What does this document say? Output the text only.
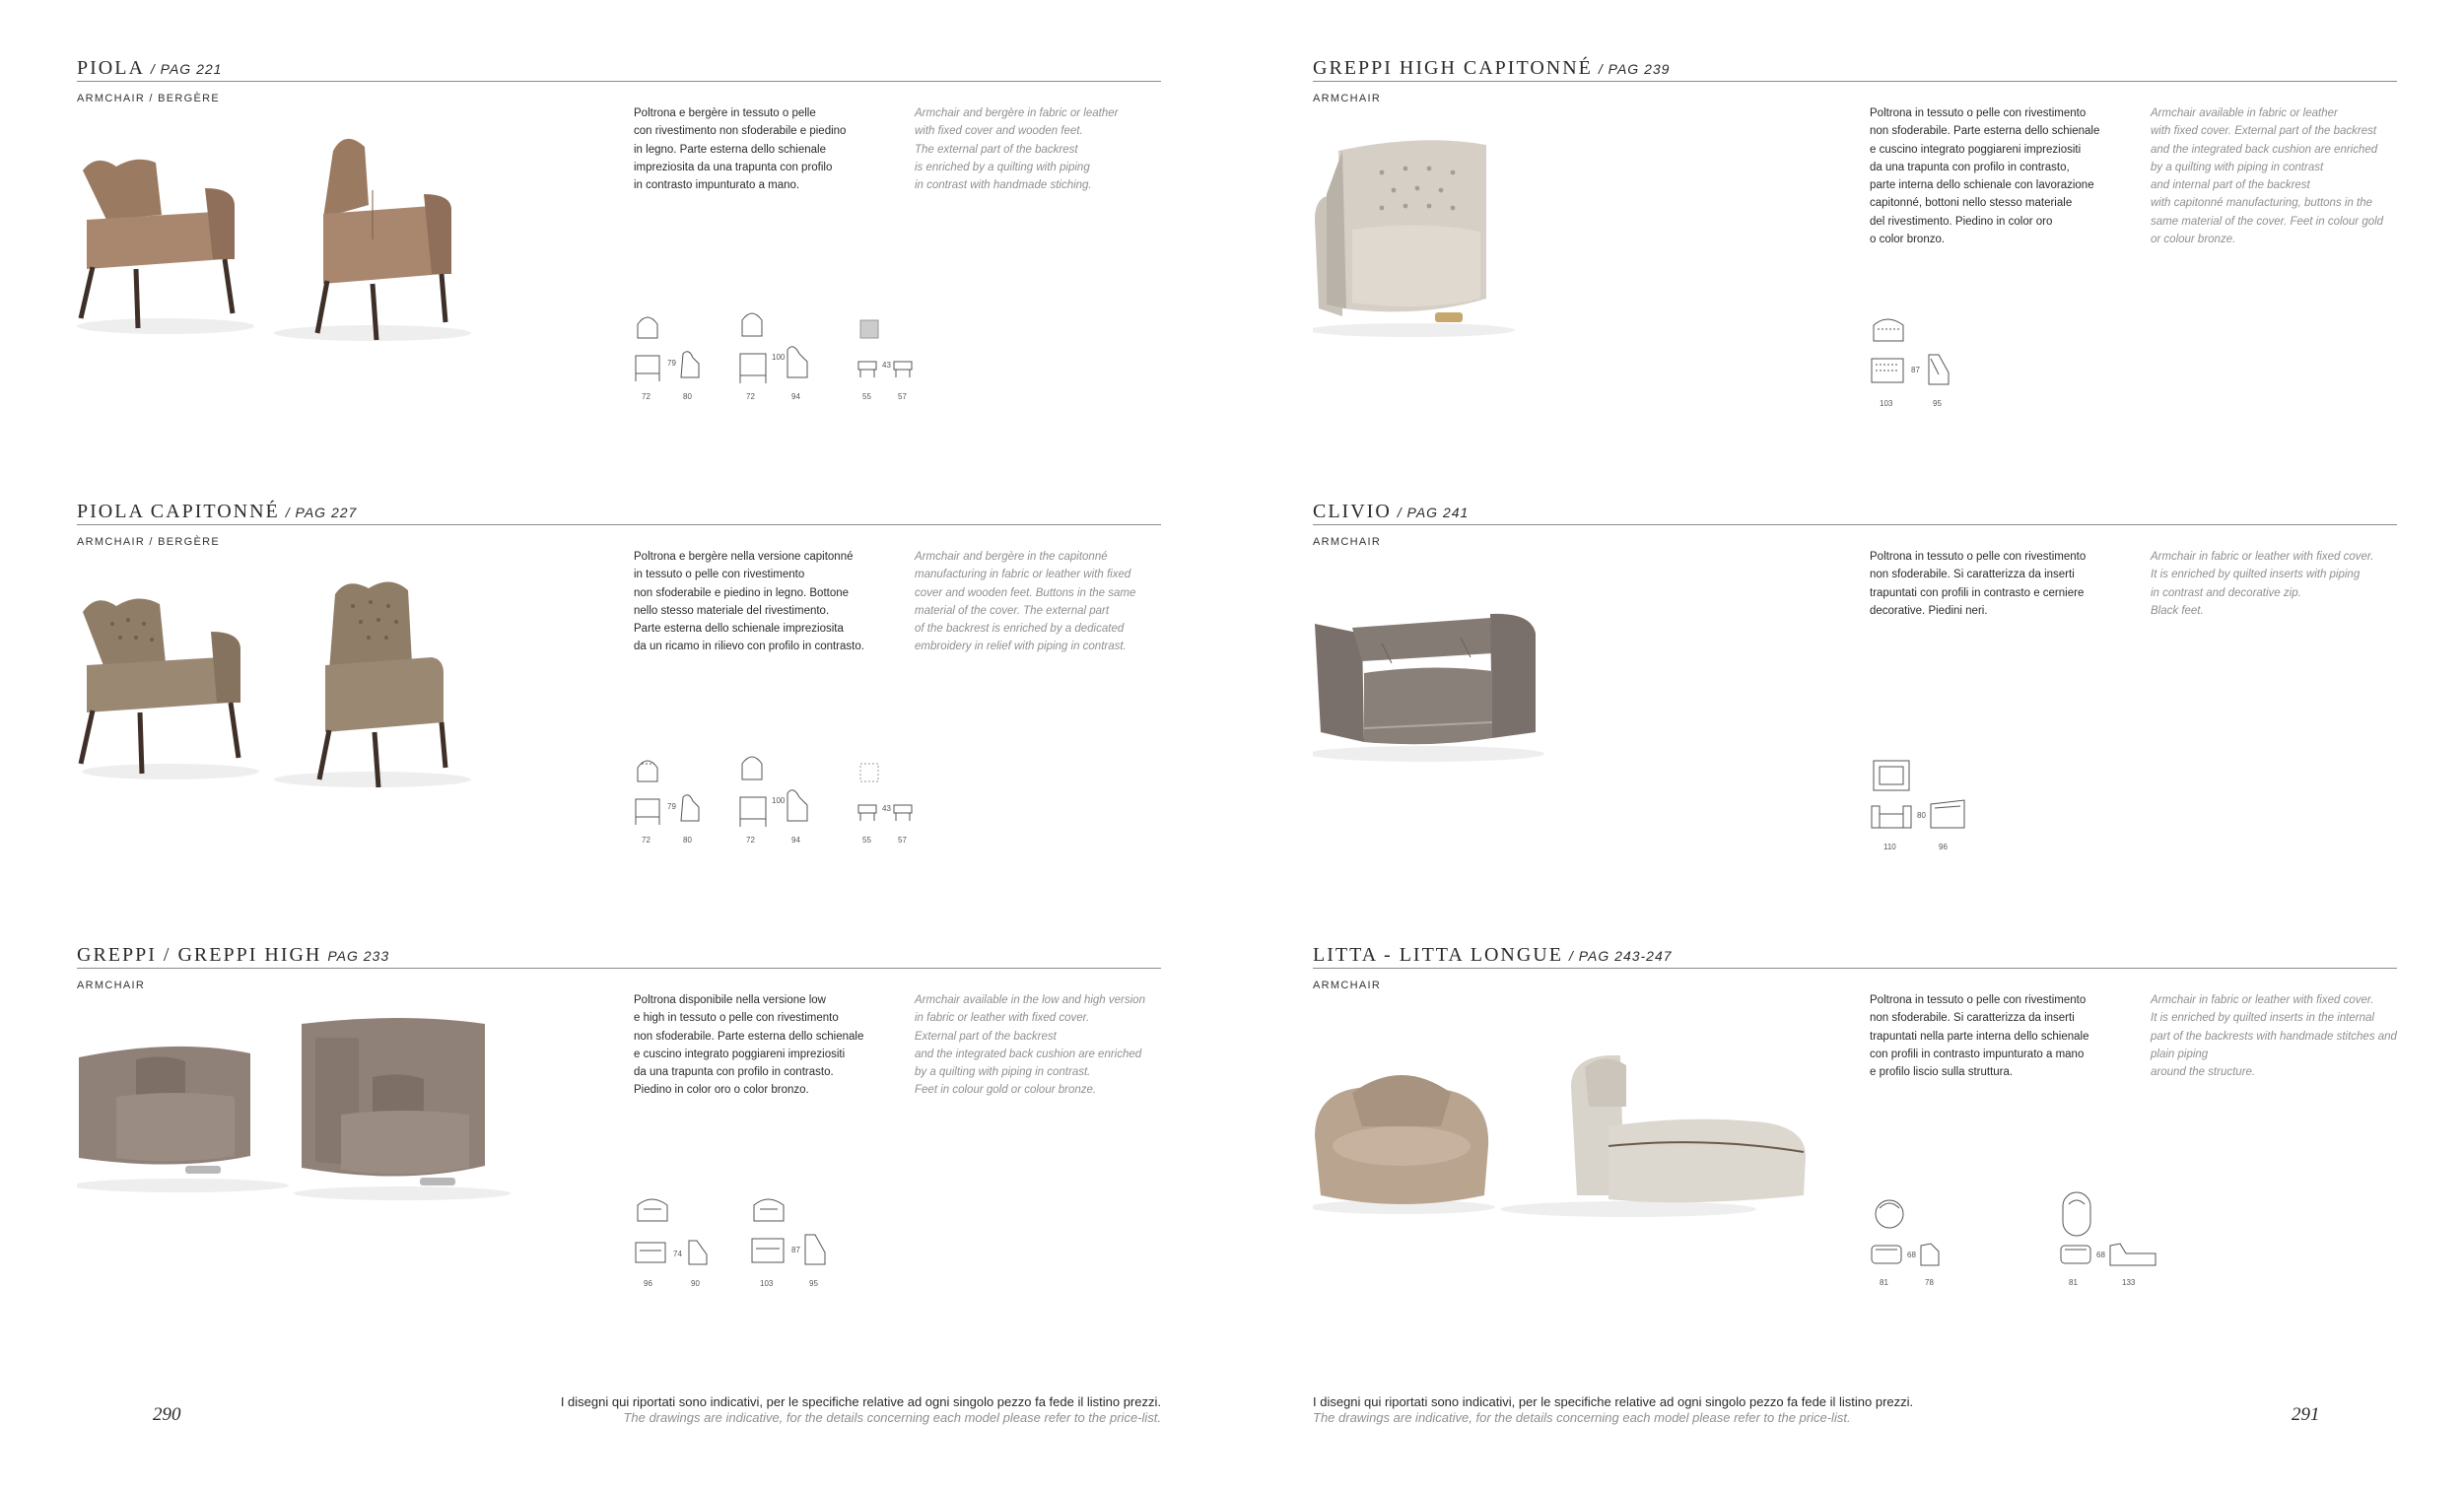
PIOLA / PAG 221
ARMCHAIR / BERGÈRE
Poltrona e bergère in tessuto o pelle
con rivestimento non sfoderabile e piedino
in legno. Parte esterna dello schienale
impreziosita da una trapunta con profilo
in contrasto impunturato a mano.
Armchair and bergère in fabric or leather
with fixed cover and wooden feet.
The external part of the backrest
is enriched by a quilting with piping
in contrast with handmade stiching.
79
72	80
100
72	94
43
55	57
PIOLA CAPITONNÉ / PAG 227
ARMCHAIR / BERGÈRE
Poltrona e bergère nella versione capitonné
in tessuto o pelle con rivestimento
non sfoderabile e piedino in legno. Bottone
nello stesso materiale del rivestimento.
Parte esterna dello schienale impreziosita
da un ricamo in rilievo con profilo in contrasto.
Armchair and bergère in the capitonné
manufacturing in fabric or leather with fixed
cover and wooden feet. Buttons in the same
material of the cover. The external part
of the backrest is enriched by a dedicated
embroidery in relief with piping in contrast.
79
72	80
100
72	94
43
55	57
GREPPI / GREPPI HIGH PAG 233
ARMCHAIR
Poltrona disponibile nella versione low
e high in tessuto o pelle con rivestimento
non sfoderabile. Parte esterna dello schienale
e cuscino integrato poggiareni impreziositi
da una trapunta con profilo in contrasto.
Piedino in color oro o color bronzo.
Armchair available in the low and high version
in fabric or leather with fixed cover.
External part of the backrest
and the integrated back cushion are enriched
by a quilting with piping in contrast.
Feet in colour gold or colour bronze.
74
96	90
87
103	95
290
I disegni qui riportati sono indicativi, per le specifiche relative ad ogni singolo pezzo fa fede il listino prezzi.
The drawings are indicative, for the details concerning each model please refer to the price-list.
GREPPI HIGH CAPITONNÉ / PAG 239
ARMCHAIR
Poltrona in tessuto o pelle con rivestimento
non sfoderabile. Parte esterna dello schienale
e cuscino integrato poggiareni impreziositi
da una trapunta con profilo in contrasto,
parte interna dello schienale con lavorazione
capitonné, bottoni nello stesso materiale
del rivestimento. Piedino in color oro
o color bronzo.
Armchair available in fabric or leather
with fixed cover. External part of the backrest
and the integrated back cushion are enriched
by a quilting with piping in contrast
and internal part of the backrest
with capitonné manufacturing, buttons in the
same material of the cover. Feet in colour gold
or colour bronze.
87
103	95
CLIVIO / PAG 241
ARMCHAIR
Poltrona in tessuto o pelle con rivestimento
non sfoderabile. Si caratterizza da inserti
trapuntati con profili in contrasto e cerniere
decorative. Piedini neri.
Armchair in fabric or leather with fixed cover.
It is enriched by quilted inserts with piping
in contrast and decorative zip.
Black feet.
80
110	96
LITTA - LITTA LONGUE / PAG 243-247
ARMCHAIR
Poltrona in tessuto o pelle con rivestimento
non sfoderabile. Si caratterizza da inserti
trapuntati nella parte interna dello schienale
con profili in contrasto impunturato a mano
e profilo liscio sulla struttura.
Armchair in fabric or leather with fixed cover.
It is enriched by quilted inserts in the internal
part of the backrests with handmade stitches and plain piping
around the structure.
68
81	78
68
81	133
I disegni qui riportati sono indicativi, per le specifiche relative ad ogni singolo pezzo fa fede il listino prezzi.
The drawings are indicative, for the details concerning each model please refer to the price-list.	291
